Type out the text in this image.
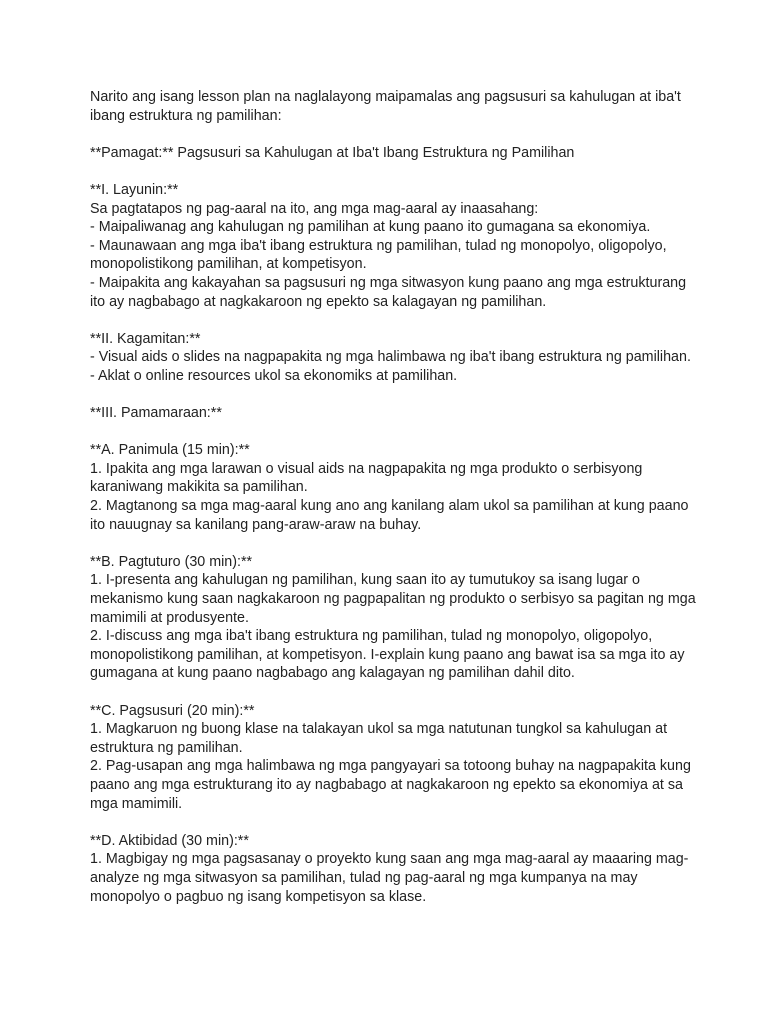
Narito ang isang lesson plan na naglalayong maipamalas ang pagsusuri sa kahulugan at iba't
ibang estruktura ng pamilihan:
**Pamagat:** Pagsusuri sa Kahulugan at Iba't Ibang Estruktura ng Pamilihan
**I. Layunin:**
Sa pagtatapos ng pag-aaral na ito, ang mga mag-aaral ay inaasahang:
- Maipaliwanag ang kahulugan ng pamilihan at kung paano ito gumagana sa ekonomiya.
- Maunawaan ang mga iba't ibang estruktura ng pamilihan, tulad ng monopolyo, oligopolyo,
monopolistikong pamilihan, at kompetisyon.
- Maipakita ang kakayahan sa pagsusuri ng mga sitwasyon kung paano ang mga estrukturang
ito ay nagbabago at nagkakaroon ng epekto sa kalagayan ng pamilihan.
**II. Kagamitan:**
- Visual aids o slides na nagpapakita ng mga halimbawa ng iba't ibang estruktura ng pamilihan.
- Aklat o online resources ukol sa ekonomiks at pamilihan.
**III. Pamamaraan:**
**A. Panimula (15 min):**
1. Ipakita ang mga larawan o visual aids na nagpapakita ng mga produkto o serbisyong
karaniwang makikita sa pamilihan.
2. Magtanong sa mga mag-aaral kung ano ang kanilang alam ukol sa pamilihan at kung paano
ito nauugnay sa kanilang pang-araw-araw na buhay.
**B. Pagtuturo (30 min):**
1. I-presenta ang kahulugan ng pamilihan, kung saan ito ay tumutukoy sa isang lugar o
mekanismo kung saan nagkakaroon ng pagpapalitan ng produkto o serbisyo sa pagitan ng mga
mamimili at produsyente.
2. I-discuss ang mga iba't ibang estruktura ng pamilihan, tulad ng monopolyo, oligopolyo,
monopolistikong pamilihan, at kompetisyon. I-explain kung paano ang bawat isa sa mga ito ay
gumagana at kung paano nagbabago ang kalagayan ng pamilihan dahil dito.
**C. Pagsusuri (20 min):**
1. Magkaruon ng buong klase na talakayan ukol sa mga natutunan tungkol sa kahulugan at
estruktura ng pamilihan.
2. Pag-usapan ang mga halimbawa ng mga pangyayari sa totoong buhay na nagpapakita kung
paano ang mga estrukturang ito ay nagbabago at nagkakaroon ng epekto sa ekonomiya at sa
mga mamimili.
**D. Aktibidad (30 min):**
1. Magbigay ng mga pagsasanay o proyekto kung saan ang mga mag-aaral ay maaaring mag-
analyze ng mga sitwasyon sa pamilihan, tulad ng pag-aaral ng mga kumpanya na may
monopolyo o pagbuo ng isang kompetisyon sa klase.
